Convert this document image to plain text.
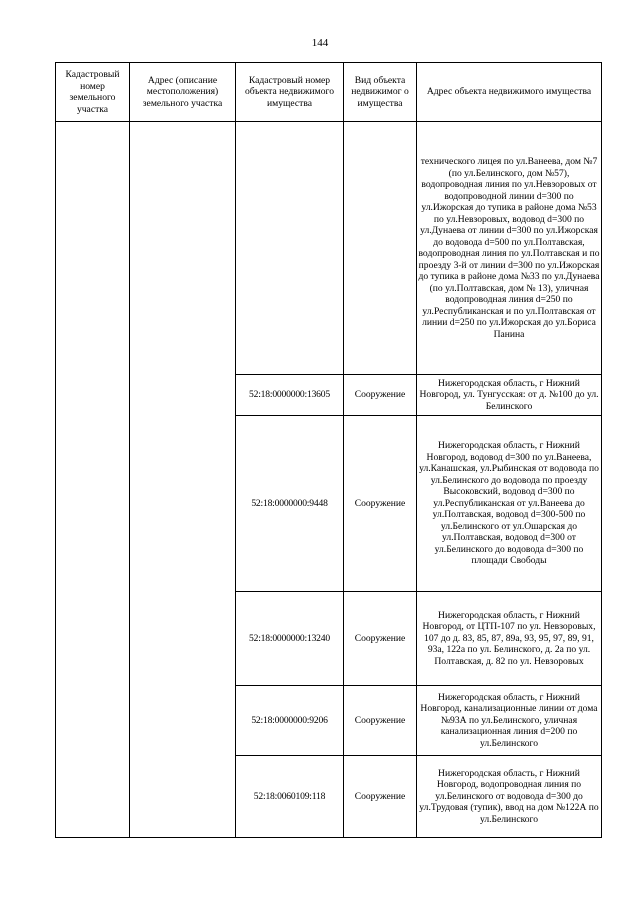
144
Кадастровый номер земельного участка	Адрес (описание местоположения) земельного участка	Кадастровый номер объекта недвижимого имущества	Вид объекта недвижимог о имущества	Адрес объекта недвижимого имущества
				технического лицея по ул.Ванеева, дом №7 (по ул.Белинского, дом №57), водопроводная линия по ул.Невзоровых от водопроводной линии d=300 по ул.Ижорская до тупика в районе дома №53 по ул.Невзоровых, водовод d=300 по ул.Дунаева от линии d=300 по ул.Ижорская до водовода d=500 по ул.Полтавская, водопроводная линия по ул.Полтавская и по проезду 3-й от линии d=300 по ул.Ижорская до тупика в районе дома №33 по ул.Дунаева (по ул.Полтавская, дом № 13), уличная водопроводная линия d=250 по ул.Республиканская и по ул.Полтавская от линии d=250 по ул.Ижорская до ул.Бориса Панина
		52:18:0000000:13605	Сооружение	Нижегородская область, г Нижний Новгород, ул. Тунгусская: от д. №100 до ул. Белинского
		52:18:0000000:9448	Сооружение	Нижегородская область, г Нижний Новгород, водовод d=300 по ул.Ванеева, ул.Канашская, ул.Рыбинская от водовода по ул.Белинского до водовода по проезду Высоковский, водовод d=300 по ул.Республиканская от ул.Ванеева до ул.Полтавская, водовод d=300-500 по ул.Белинского от ул.Ошарская до ул.Полтавская, водовод d=300 от ул.Белинского до водовода d=300 по площади Свободы
		52:18:0000000:13240	Сооружение	Нижегородская область, г Нижний Новгород, от ЦТП-107 по ул. Невзоровых, 107 до д. 83, 85, 87, 89а, 93, 95, 97, 89, 91, 93а, 122а по ул. Белинского, д. 2а по ул. Полтавская, д. 82 по ул. Невзоровых
		52:18:0000000:9206	Сооружение	Нижегородская область, г Нижний Новгород, канализационные линии от дома №93А по ул.Белинского, уличная канализационная линия d=200 по ул.Белинского
		52:18:0060109:118	Сооружение	Нижегородская область, г Нижний Новгород, водопроводная линия по ул.Белинского от водовода d=300 до ул.Трудовая (тупик), ввод на дом №122А по ул.Белинского
